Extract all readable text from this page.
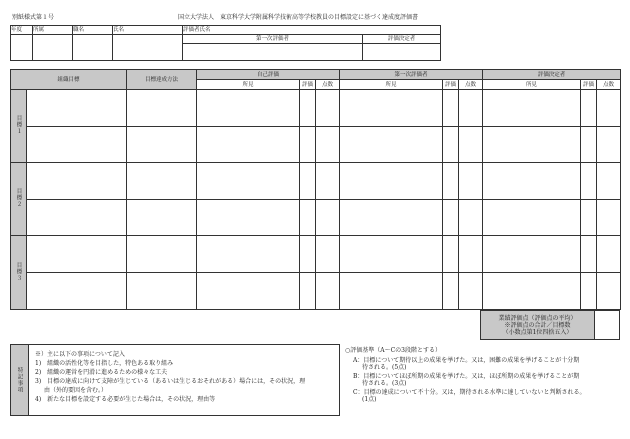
別紙様式第１号	国立大学法人　東京科学大学附属科学技術高等学校教員の目標設定に基づく達成度評価書
年度	所属	職名	氏名	評価者氏名	
				第一次評価者	評価決定者

組織目標		目標達成方法	自己評価			第一次評価者			評価決定者		
			所見	評価	点数	所見	評価	点数	所見	評価	点数
目標１											

目標２											

目標３											

業績評価点（評価点の平均）
※評価点の合計／目標数
（小数点第1位四捨五入）
特記事項
※）主に以下の事項について記入
1)　組織の活性化等を目指した，特色ある取り組み
2)　組織の運営を円滑に進めるための様々な工夫
3)　目標の達成に向けて支障が生じている（あるいは生じるおそれがある）場合には，その状況，理
由（外的要因を含む。）
4)　新たな目標を設定する必要が生じた場合は，その状況，理由等
○評価基準（A～Cの3段階とする）
A：目標について期待以上の成果を挙げた。又は，困難の成果を挙げることが十分期
待される。(5点)
B：目標についてほぼ所期の成果を挙げた。又は，ほぼ所期の成果を挙げることが期
待される。(3点)
C：目標の達成について不十分。又は，期待される水準に達していないと判断される。
(1点)
